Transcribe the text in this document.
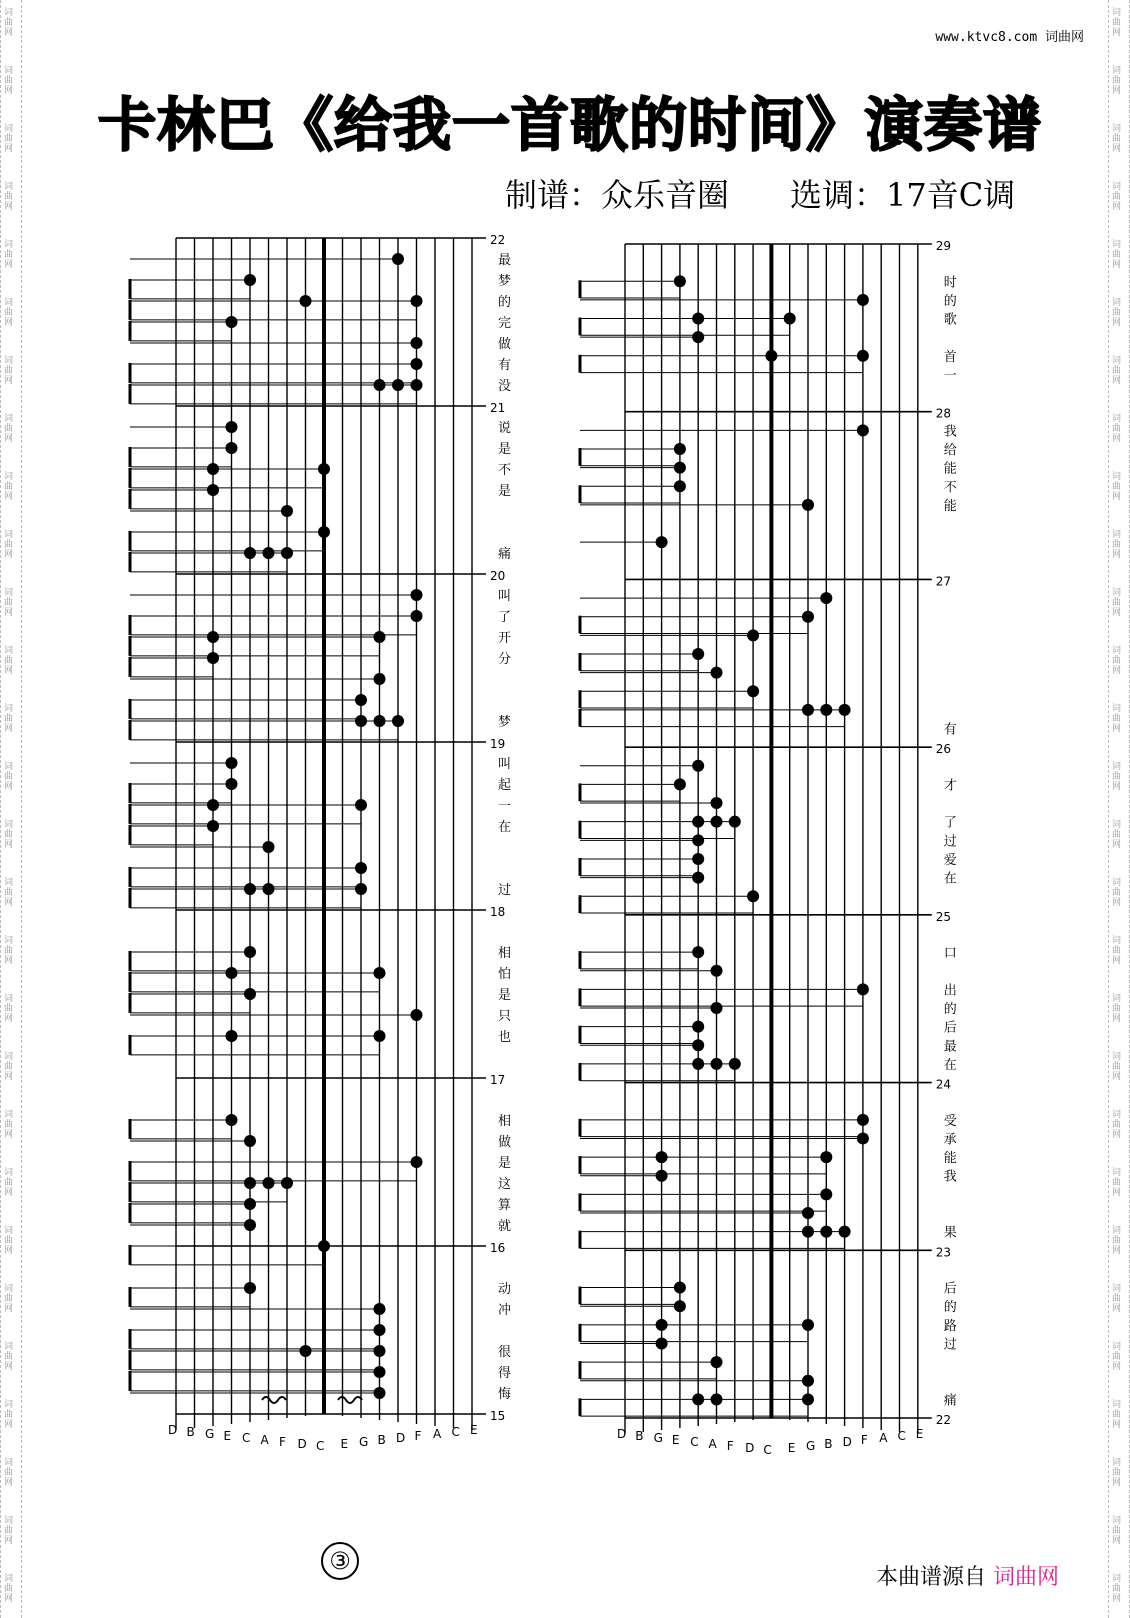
词曲网
词曲网
词曲网
词曲网
词曲网
词曲网
词曲网
词曲网
词曲网
词曲网
词曲网
词曲网
词曲网
词曲网
词曲网
词曲网
词曲网
词曲网
词曲网
词曲网
词曲网
词曲网
词曲网
词曲网
词曲网
词曲网
词曲网
词曲网
词曲网
词曲网
词曲网
词曲网
词曲网
词曲网
词曲网
词曲网
词曲网
词曲网
词曲网
词曲网
词曲网
词曲网
词曲网
词曲网
词曲网
词曲网
词曲网
词曲网
词曲网
词曲网
词曲网
词曲网
词曲网
词曲网
词曲网
词曲网
www.ktvc8.com 词曲网
卡林巴《给我一首歌的时间》演奏谱
制谱：众乐音圈 选调：17音C调
D B G E C A F D C E G B D F A C E
22
最
梦
的
完
做
有
没
21
说
是
不
是
痛
20
叫
了
开
分
梦
19
叫
起
一
在
过
18
相
怕
是
只
也
17
相
做
是
这
算
就
16
动
冲
很
得
悔
15
D B G E C A F D C E G B D F A C E
29
时
的
歌
首
一
28
我
给
能
不
能
27
有
26
才
了
过
爱
在
25
口
出
的
后
最
在
24
受
承
能
我
果
23
后
的
路
过
痛
22
③
本曲谱源自 词曲网
